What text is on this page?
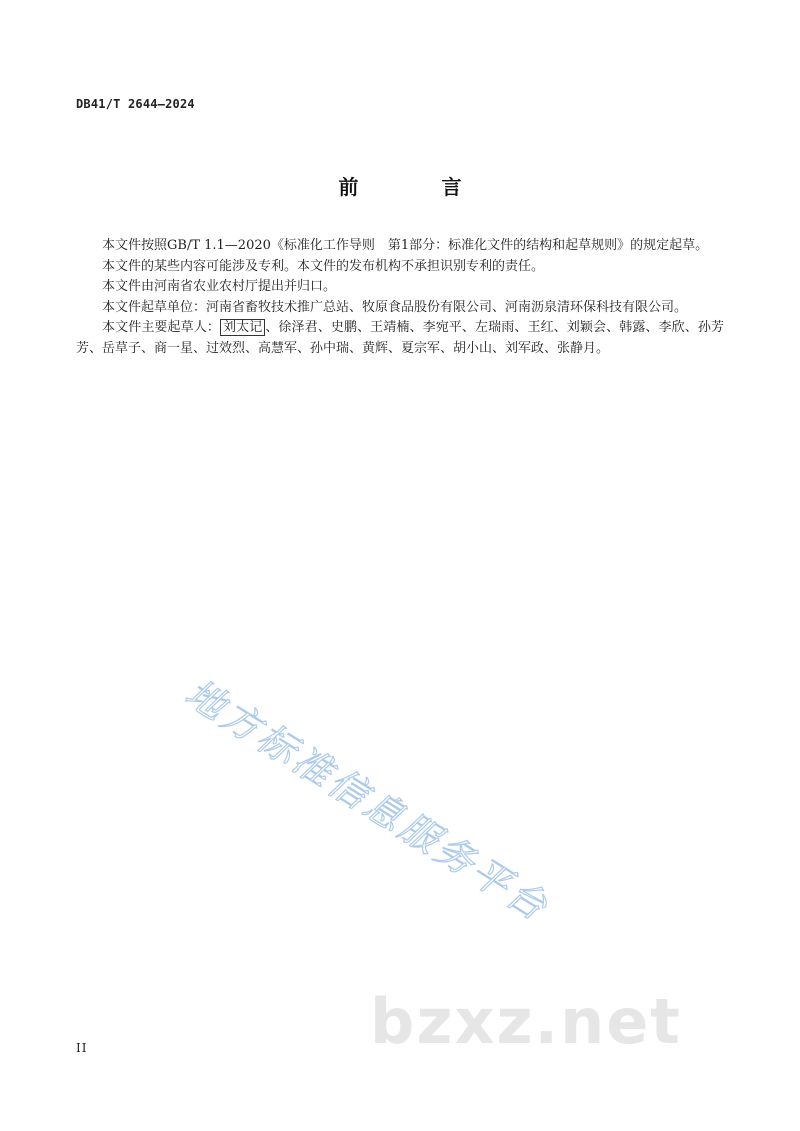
DB41/T 2644—2024
前 言

本文件按照GB/T 1.1—2020《标准化工作导则　第1部分：标准化文件的结构和起草规则》的规定起草。

本文件的某些内容可能涉及专利。本文件的发布机构不承担识别专利的责任。

本文件由河南省农业农村厅提出并归口。

本文件起草单位：河南省畜牧技术推广总站、牧原食品股份有限公司、河南沥泉清环保科技有限公司。

本文件主要起草人： 刘太记 、徐泽君、史鹏、王靖楠、李宛平、左瑞雨、王红、刘颖会、韩露、李欣、孙芳芳、岳草子、商一星、过效烈、高慧军、孙中瑞、黄辉、夏宗军、胡小山、刘军政、张静月。

地方标准信息服务平台
bzxz.net
II
